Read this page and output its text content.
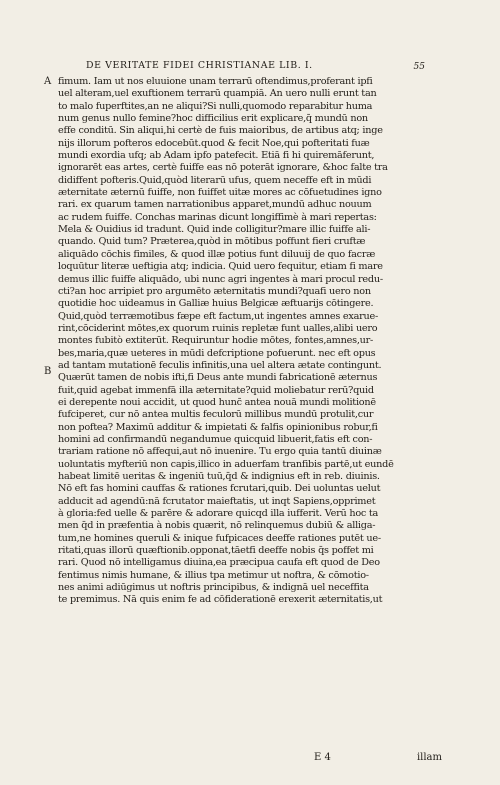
DE VERITATE FIDEI CHRISTIANAE LIB. I.	55
A
B
fimum. Iam ut nos eluuione unam terrarū oftendimus,proferant ipfi
uel alteram,uel exuftionem terrarū quampiā. An uero nulli erunt tan
to malo fuperftites,an ne aliqui?Si nulli,quomodo reparabitur huma
num genus nullo femine?hoc difficilius erit explicare,q̄ mundū non
effe conditū. Sin aliqui,hi certè de fuis maioribus, de artibus atq; inge
nijs illorum pofteros edocebūt.quod & fecit Noe,qui pofteritati fuæ
mundi exordia ufq; ab Adam ipfo patefecit. Etiā fi hi quiremāferunt,
ignorarēt eas artes, certè fuiffe eas nō poterāt ignorare, &hoc falte tra
didiffent pofteris.Quid,quòd literarū ufus, quem neceffe eft in mūdi
æternitate æternū fuiffe, non fuiffet uitæ mores ac cōfuetudines igno
rari. ex quarum tamen narrationibus apparet,mundū adhuc nouum
ac rudem fuiffe. Conchas marinas dicunt longiffimè à mari repertas:
Mela & Ouidius id tradunt. Quid inde colligitur?mare illic fuiffe ali-
quando. Quid tum? Præterea,quòd in mōtibus poffunt fieri cruftæ
aliquādo cōchis fimiles, & quod illæ potius funt diluuij de quo facræ
loquūtur literæ ueftigia atq; indicia. Quid uero fequitur, etiam fi mare
demus illic fuiffe aliquādo, ubi nunc agri ingentes à mari procul redu-
cti?an hoc arripiet pro argumēto æternitatis mundi?quafi uero non
quotidie hoc uideamus in Galliæ huius Belgicæ æftuarijs cōtingere.
Quid,quòd terræmotibus fæpe eft factum,ut ingentes amnes exarue-
rint,cōciderint mōtes,ex quorum ruinis repletæ funt ualles,alibi uero
montes fubitò extiterūt. Requiruntur hodie mōtes, fontes,amnes,ur-
bes,maria,quæ ueteres in mūdi defcriptione pofuerunt. nec eft opus
ad tantam mutationē feculis infinitis,una uel altera ætate contingunt.
Quærūt tamen de nobis ifti,fi Deus ante mundi fabricationē æternus
fuit,quid agebat immenfā illa æternitate?quid moliebatur rerū?quid
ei derepente noui accidit, ut quod hunc̄ antea nouā mundi molitionē
fufciperet, cur nō antea multis feculorū millibus mundū protulit,cur
non poftea? Maximū additur & impietati & falfis opinionibus robur,fi
homini ad confirmandū negandumue quicquid libuerit,fatis eft con-
trariam ratione nō affequi,aut nō inuenire. Tu ergo quia tantū diuinæ
uoluntatis myfteriū non capis,illico in aduerfam tranfibis partē,ut eundē
habeat limitē ueritas & ingeniū tuū,q̄d & indignius eft in reb. diuinis.
Nō eft fas homini cauffas & rationes fcrutari,quib. Dei uoluntas uelut
adducit ad agendū:nā fcrutator maieftatis, ut inqt Sapiens,opprimet
à gloria:fed uelle & parēre & adorare quicqd illa iufferit. Verū hoc ta
men q̄d in præfentia à nobis quærit, nō relinquemus dubiū & alliga-
tum,ne homines queruli & inique fufpicaces deeffe rationes putēt ue-
ritati,quas illorū quæftionib.opponat,tāetfi deeffe nobis q̄s poffet mi
rari. Quod nō intelligamus diuina,ea præcipua caufa eft quod de Deo
fentimus nimis humane, & illius tpa metimur ut noftra, & cōmotio-
nes animi adiūgimus ut noftris principibus, & indignā uel neceffita
te premimus. Nā quis enim fe ad cōfiderationē erexerit æternitatis,ut
E 4	illam
